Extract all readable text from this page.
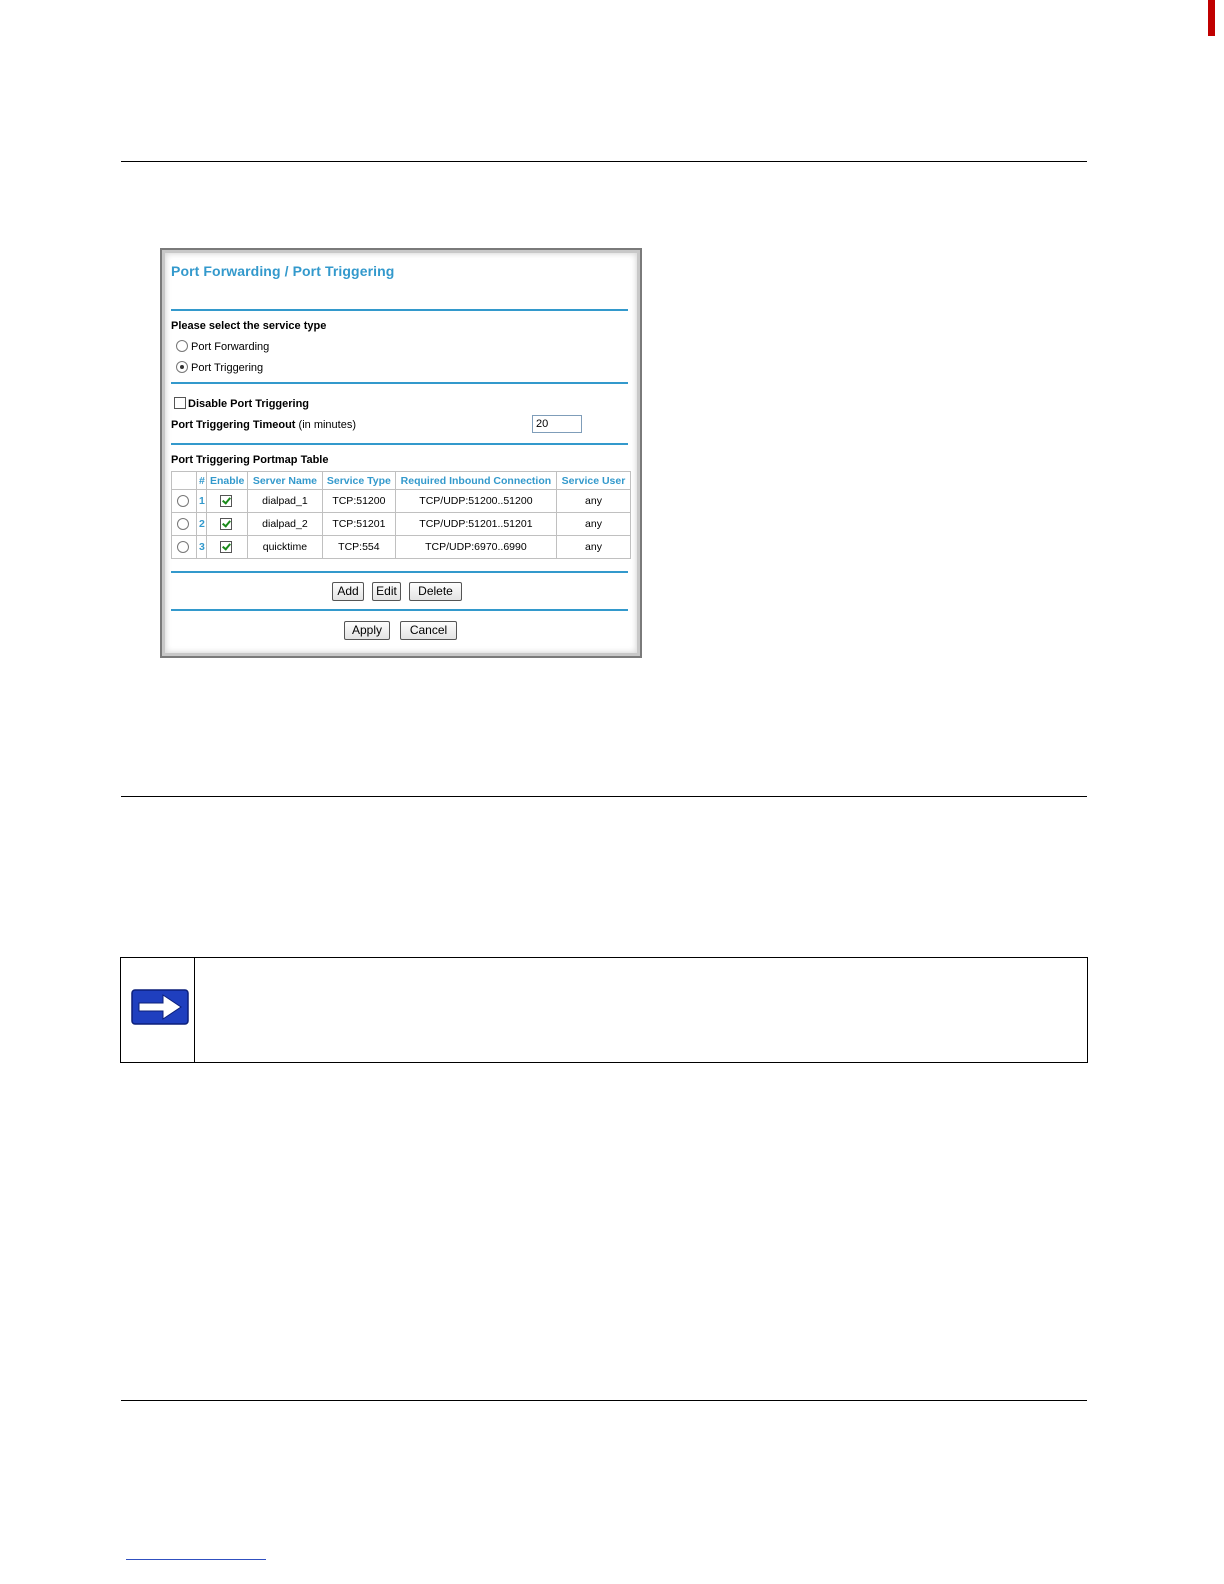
Port Forwarding / Port Triggering
Please select the service type
Port Forwarding
Port Triggering
Disable Port Triggering
Port Triggering Timeout (in minutes)
20
Port Triggering Portmap Table
	#	Enable	Server Name	Service Type	Required Inbound Connection	Service User
	1		dialpad_1	TCP:51200	TCP/UDP:51200..51200	any
	2		dialpad_2	TCP:51201	TCP/UDP:51201..51201	any
	3		quicktime	TCP:554	TCP/UDP:6970..6990	any
Add	Edit	Delete
Apply	Cancel
